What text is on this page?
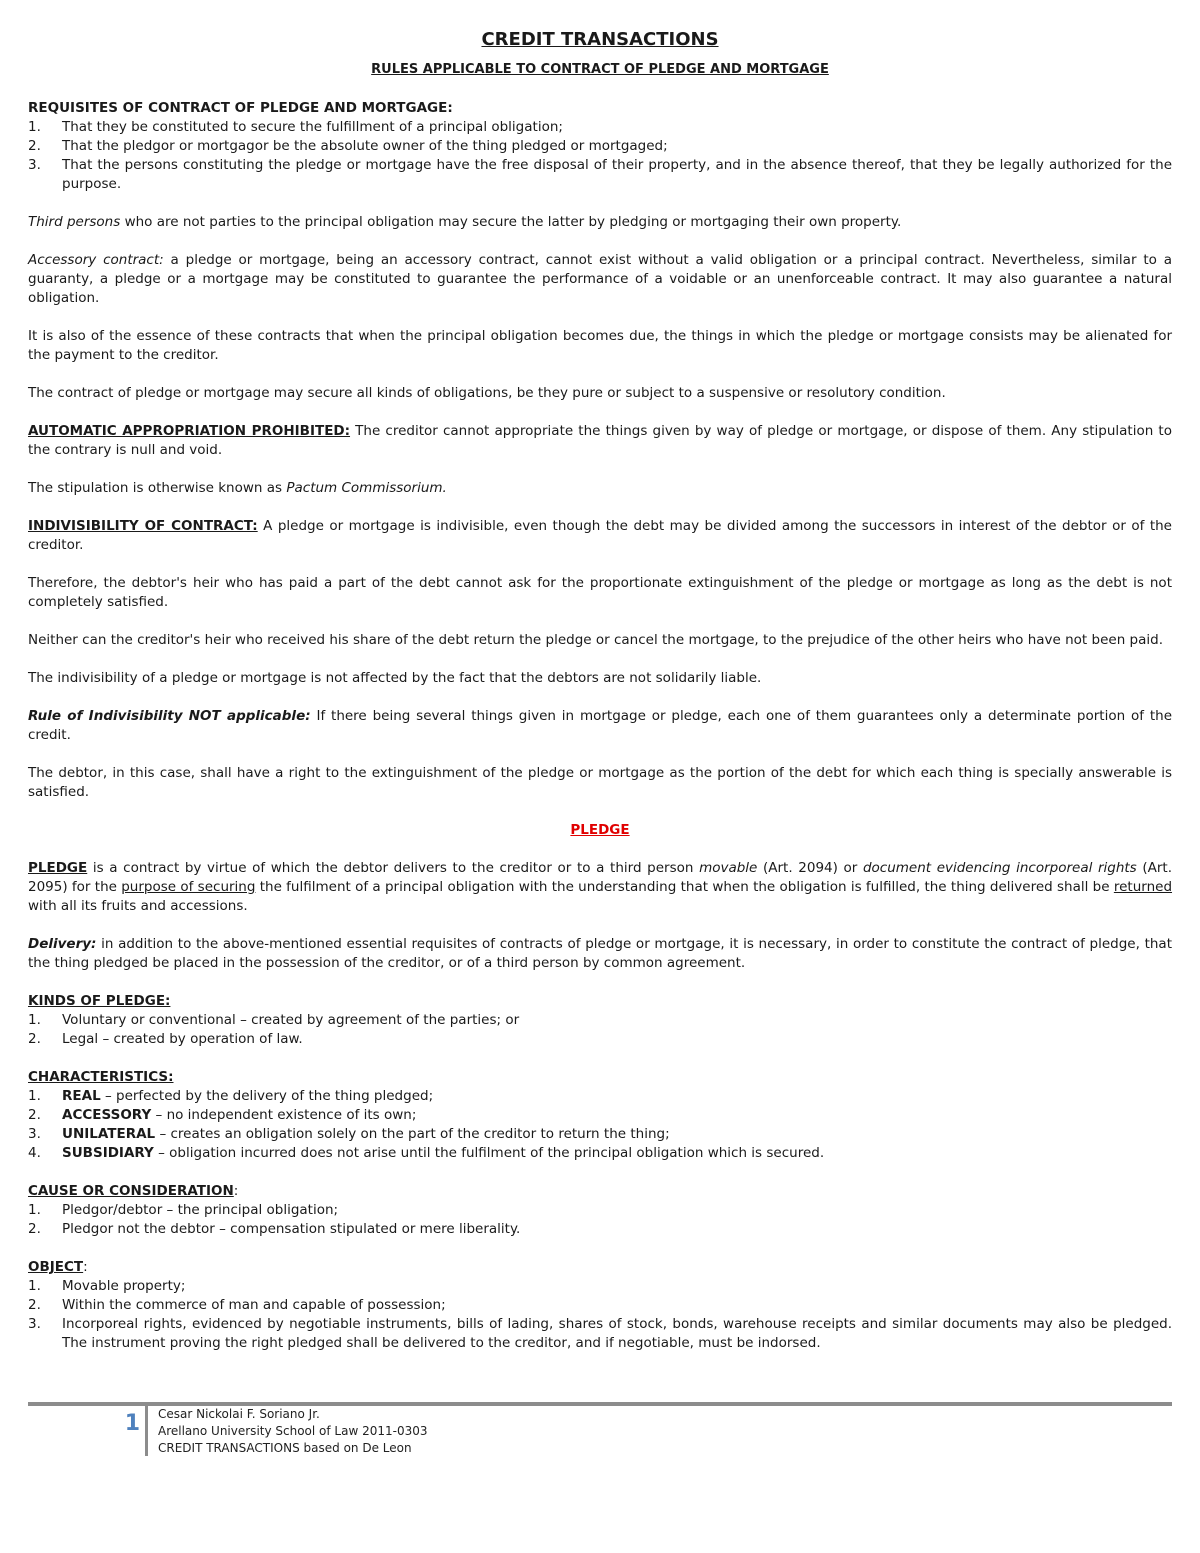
CREDIT TRANSACTIONS
RULES APPLICABLE TO CONTRACT OF PLEDGE AND MORTGAGE

REQUISITES OF CONTRACT OF PLEDGE AND MORTGAGE:

1. That they be constituted to secure the fulfillment of a principal obligation;
2. That the pledgor or mortgagor be the absolute owner of the thing pledged or mortgaged;
3. That the persons constituting the pledge or mortgage have the free disposal of their property, and in the absence thereof, that they be legally authorized for the purpose.

Third persons who are not parties to the principal obligation may secure the latter by pledging or mortgaging their own property.

Accessory contract: a pledge or mortgage, being an accessory contract, cannot exist without a valid obligation or a principal contract. Nevertheless, similar to a guaranty, a pledge or a mortgage may be constituted to guarantee the performance of a voidable or an unenforceable contract. It may also guarantee a natural obligation.

It is also of the essence of these contracts that when the principal obligation becomes due, the things in which the pledge or mortgage consists may be alienated for the payment to the creditor.

The contract of pledge or mortgage may secure all kinds of obligations, be they pure or subject to a suspensive or resolutory condition.

AUTOMATIC APPROPRIATION PROHIBITED: The creditor cannot appropriate the things given by way of pledge or mortgage, or dispose of them. Any stipulation to the contrary is null and void.

The stipulation is otherwise known as Pactum Commissorium.

INDIVISIBILITY OF CONTRACT: A pledge or mortgage is indivisible, even though the debt may be divided among the successors in interest of the debtor or of the creditor.

Therefore, the debtor's heir who has paid a part of the debt cannot ask for the proportionate extinguishment of the pledge or mortgage as long as the debt is not completely satisfied.

Neither can the creditor's heir who received his share of the debt return the pledge or cancel the mortgage, to the prejudice of the other heirs who have not been paid.

The indivisibility of a pledge or mortgage is not affected by the fact that the debtors are not solidarily liable.

Rule of Indivisibility NOT applicable: If there being several things given in mortgage or pledge, each one of them guarantees only a determinate portion of the credit.

The debtor, in this case, shall have a right to the extinguishment of the pledge or mortgage as the portion of the debt for which each thing is specially answerable is satisfied.

PLEDGE

PLEDGE is a contract by virtue of which the debtor delivers to the creditor or to a third person movable (Art. 2094) or document evidencing incorporeal rights (Art. 2095) for the purpose of securing the fulfilment of a principal obligation with the understanding that when the obligation is fulfilled, the thing delivered shall be returned with all its fruits and accessions.

Delivery: in addition to the above-mentioned essential requisites of contracts of pledge or mortgage, it is necessary, in order to constitute the contract of pledge, that the thing pledged be placed in the possession of the creditor, or of a third person by common agreement.

KINDS OF PLEDGE:

1. Voluntary or conventional – created by agreement of the parties; or
2. Legal – created by operation of law.

CHARACTERISTICS:

1. REAL – perfected by the delivery of the thing pledged;
2. ACCESSORY – no independent existence of its own;
3. UNILATERAL – creates an obligation solely on the part of the creditor to return the thing;
4. SUBSIDIARY – obligation incurred does not arise until the fulfilment of the principal obligation which is secured.

CAUSE OR CONSIDERATION:

1. Pledgor/debtor – the principal obligation;
2. Pledgor not the debtor – compensation stipulated or mere liberality.

OBJECT:

1. Movable property;
2. Within the commerce of man and capable of possession;
3. Incorporeal rights, evidenced by negotiable instruments, bills of lading, shares of stock, bonds, warehouse receipts and similar documents may also be pledged. The instrument proving the right pledged shall be delivered to the creditor, and if negotiable, must be indorsed.
1 Cesar Nickolai F. Soriano Jr.
Arellano University School of Law 2011-0303
CREDIT TRANSACTIONS based on De Leon
